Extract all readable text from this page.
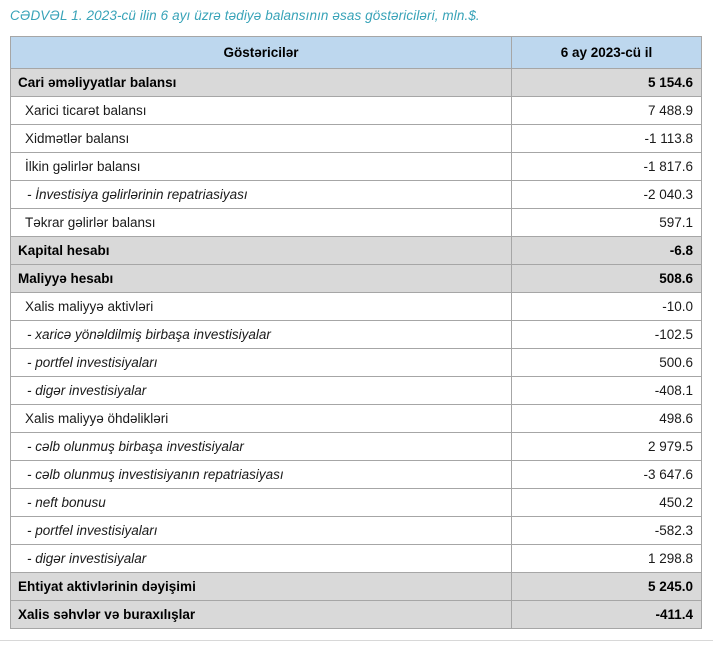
CƏDVƏL 1. 2023-cü ilin 6 ayı üzrə tədiyə balansının əsas göstəriciləri, mln.$.
Göstəricilər	6 ay 2023-cü il
Cari əməliyyatlar balansı	5 154.6
Xarici ticarət balansı	7 488.9
Xidmətlər balansı	-1 113.8
İlkin gəlirlər balansı	-1 817.6
- İnvestisiya gəlirlərinin repatriasiyası	-2 040.3
Təkrar gəlirlər balansı	597.1
Kapital hesabı	-6.8
Maliyyə hesabı	508.6
Xalis maliyyə aktivləri	-10.0
- xaricə yönəldilmiş birbaşa investisiyalar	-102.5
- portfel investisiyaları	500.6
- digər investisiyalar	-408.1
Xalis maliyyə öhdəlikləri	498.6
- cəlb olunmuş birbaşa investisiyalar	2 979.5
- cəlb olunmuş investisiyanın repatriasiyası	-3 647.6
- neft bonusu	450.2
- portfel investisiyaları	-582.3
- digər investisiyalar	1 298.8
Ehtiyat aktivlərinin dəyişimi	5 245.0
Xalis səhvlər və buraxılışlar	-411.4
